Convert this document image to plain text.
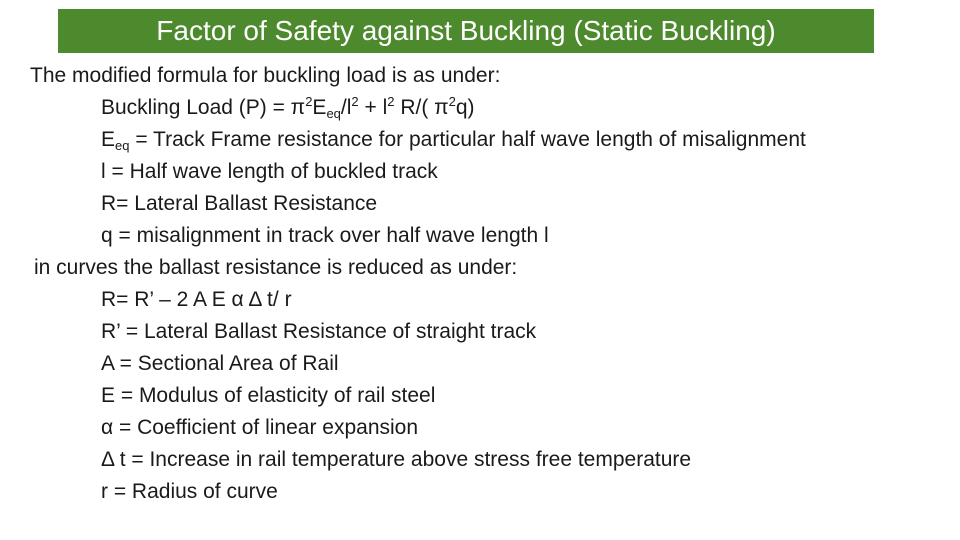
Factor of Safety against Buckling (Static Buckling)
The modified formula for buckling load is as under:
Buckling Load $(P) = \pi^2E_{eq}/l^2 + l^2$ R/( $\pi^2q$)
$E_{eq}$ = Track Frame resistance for particular half wave length of misalignment
l = Half wave length of buckled track
R= Lateral Ballast Resistance
q = misalignment in track over half wave length l
in curves the ballast resistance is reduced as under:
R= R’ – 2 A E α Δ t/ r
R’ = Lateral Ballast Resistance of straight track
A = Sectional Area of Rail
E = Modulus of elasticity of rail steel
α = Coefficient of linear expansion
Δ t = Increase in rail temperature above stress free temperature
r = Radius of curve
